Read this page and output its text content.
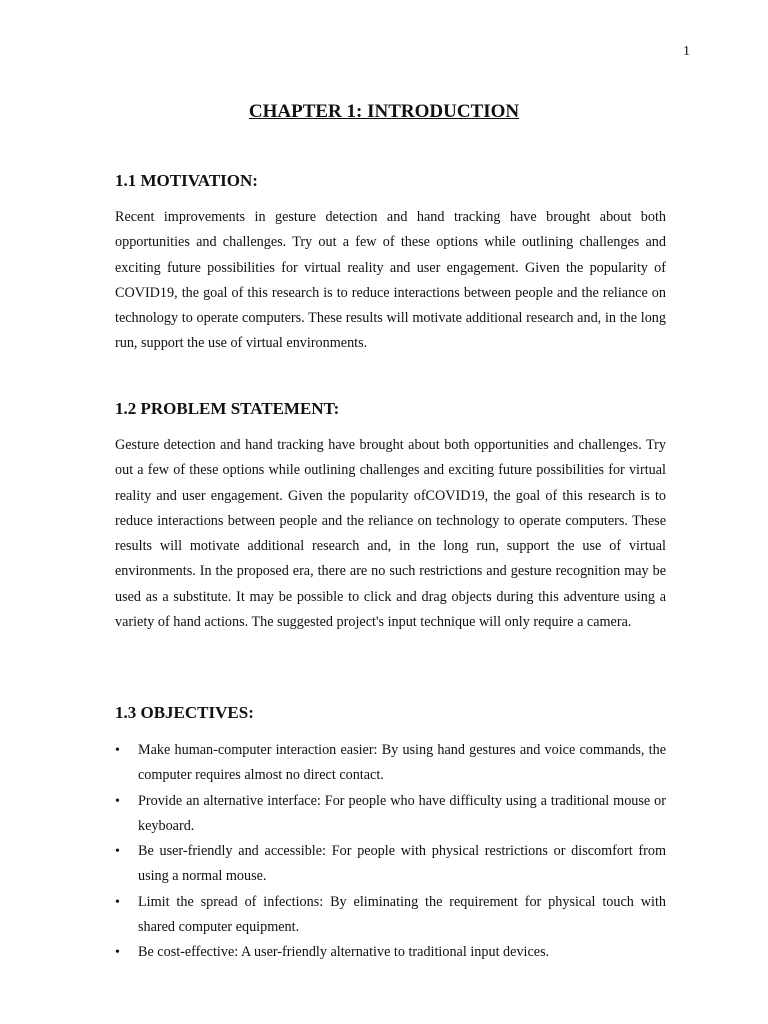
1
CHAPTER 1: INTRODUCTION
1.1 MOTIVATION:

Recent improvements in gesture detection and hand tracking have brought about both opportunities and challenges. Try out a few of these options while outlining challenges and exciting future possibilities for virtual reality and user engagement. Given the popularity of COVID19, the goal of this research is to reduce interactions between people and the reliance on technology to operate computers. These results will motivate additional research and, in the long run, support the use of virtual environments.

1.2 PROBLEM STATEMENT:

Gesture detection and hand tracking have brought about both opportunities and challenges. Try out a few of these options while outlining challenges and exciting future possibilities for virtual reality and user engagement. Given the popularity ofCOVID19, the goal of this research is to reduce interactions between people and the reliance on technology to operate computers. These results will motivate additional research and, in the long run, support the use of virtual environments. In the proposed era, there are no such restrictions and gesture recognition may be used as a substitute. It may be possible to click and drag objects during this adventure using a variety of hand actions. The suggested project's input technique will only require a camera.

1.3 OBJECTIVES:
• Make human-computer interaction easier: By using hand gestures and voice commands, the computer requires almost no direct contact.
• Provide an alternative interface: For people who have difficulty using a traditional mouse or keyboard.
• Be user-friendly and accessible: For people with physical restrictions or discomfort from using a normal mouse.
• Limit the spread of infections: By eliminating the requirement for physical touch with shared computer equipment.
• Be cost-effective: A user-friendly alternative to traditional input devices.
